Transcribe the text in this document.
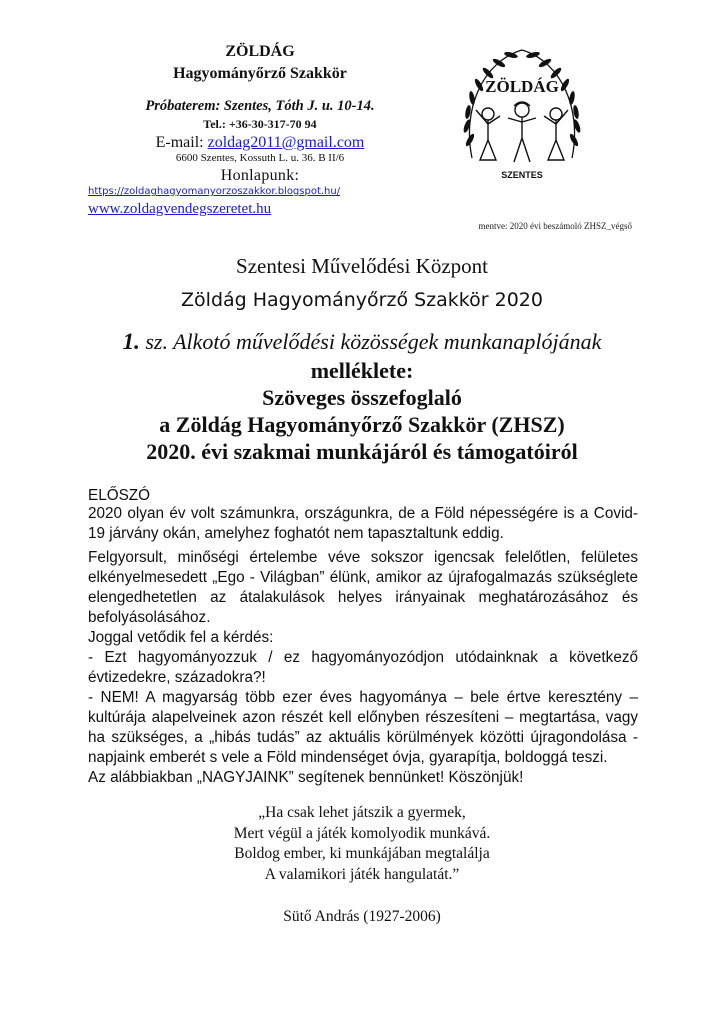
ZÖLDÁG
Hagyományőrző Szakkör
Próbaterem: Szentes, Tóth J. u. 10-14.
Tel.: +36-30-317-70 94
E-mail: zoldag2011@gmail.com
6600 Szentes, Kossuth L. u. 36. B II/6
Honlapunk:
https://zoldaghagyomanyorzoszakkor.blogspot.hu/
www.zoldagvendegszeretet.hu
mentve: 2020 évi beszámoló ZHSZ_végső
ZÖLDÁG
SZENTES
Szentesi Művelődési Központ
Zöldág Hagyományőrző Szakkör 2020
1. sz. Alkotó művelődési közösségek munkanaplójának
melléklete:
Szöveges összefoglaló
a Zöldág Hagyományőrző Szakkör (ZHSZ)
2020. évi szakmai munkájáról és támogatóiról
ELŐSZÓ

2020 olyan év volt számunkra, országunkra, de a Föld népességére is a Covid-19 járvány okán, amelyhez foghatót nem tapasztaltunk eddig.

Felgyorsult, minőségi értelembe véve sokszor igencsak felelőtlen, felületes elkényelmesedett „Ego - Világban” élünk, amikor az újrafogalmazás szükséglete elengedhetetlen az átalakulások helyes irányainak meghatározásához és befolyásolásához.

Joggal vetődik fel a kérdés:

- Ezt hagyományozzuk / ez hagyományozódjon utódainknak a következő évtizedekre, századokra?!

- NEM! A magyarság több ezer éves hagyománya – bele értve keresztény – kultúrája alapelveinek azon részét kell előnyben részesíteni – megtartása, vagy ha szükséges, a „hibás tudás” az aktuális körülmények közötti újragondolása - napjaink emberét s vele a Föld mindenséget óvja, gyarapítja, boldoggá teszi.

Az alábbiakban „NAGYJAINK” segítenek bennünket! Köszönjük!

„Ha csak lehet játszik a gyermek,
Mert végül a játék komolyodik munkává.
Boldog ember, ki munkájában megtalálja
A valamikori játék hangulatát.”
Sütő András (1927-2006)
